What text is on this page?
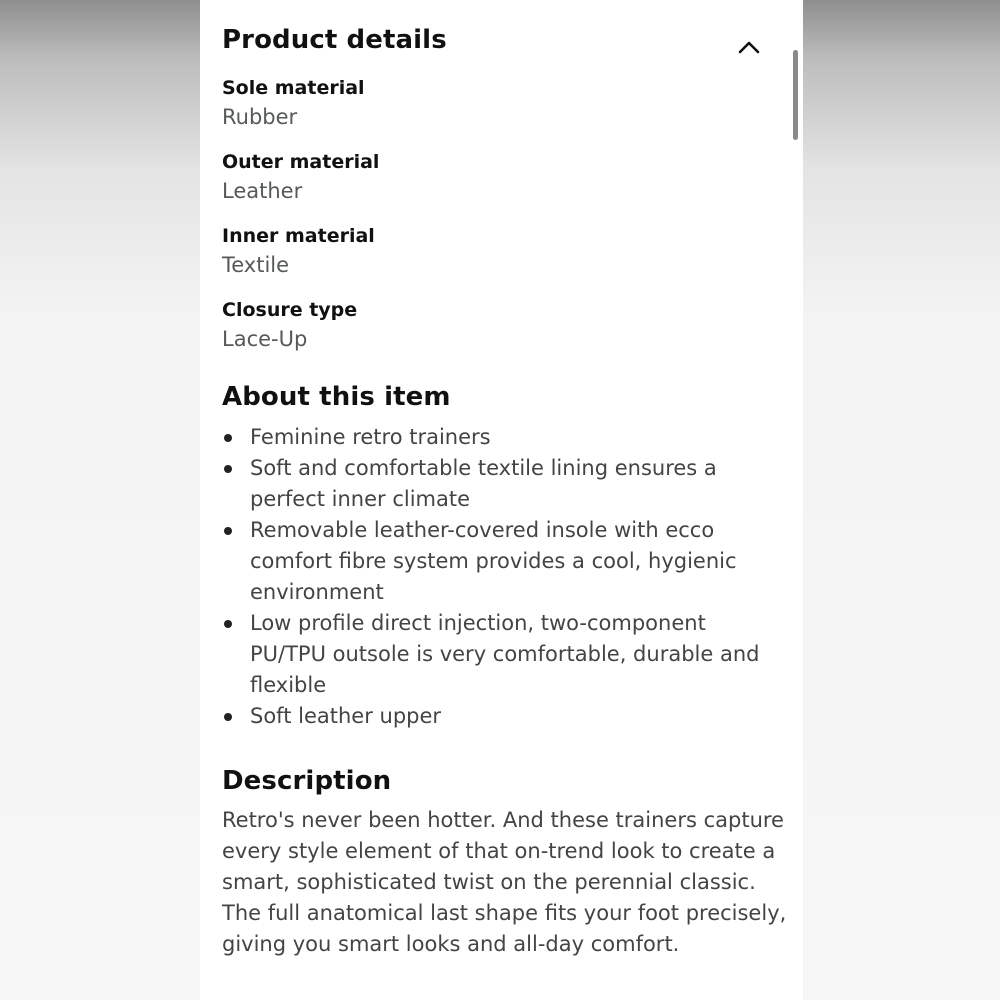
Product details
Sole material
Rubber
Outer material
Leather
Inner material
Textile
Closure type
Lace-Up
About this item
Feminine retro trainers
Soft and comfortable textile lining ensures a perfect inner climate
Removable leather-covered insole with ecco comfort fibre system provides a cool, hygienic environment
Low profile direct injection, two-component PU/TPU outsole is very comfortable, durable and flexible
Soft leather upper
Description

Retro's never been hotter. And these trainers capture every style element of that on-trend look to create a smart, sophisticated twist on the perennial classic. The full anatomical last shape fits your foot precisely, giving you smart looks and all-day comfort.
